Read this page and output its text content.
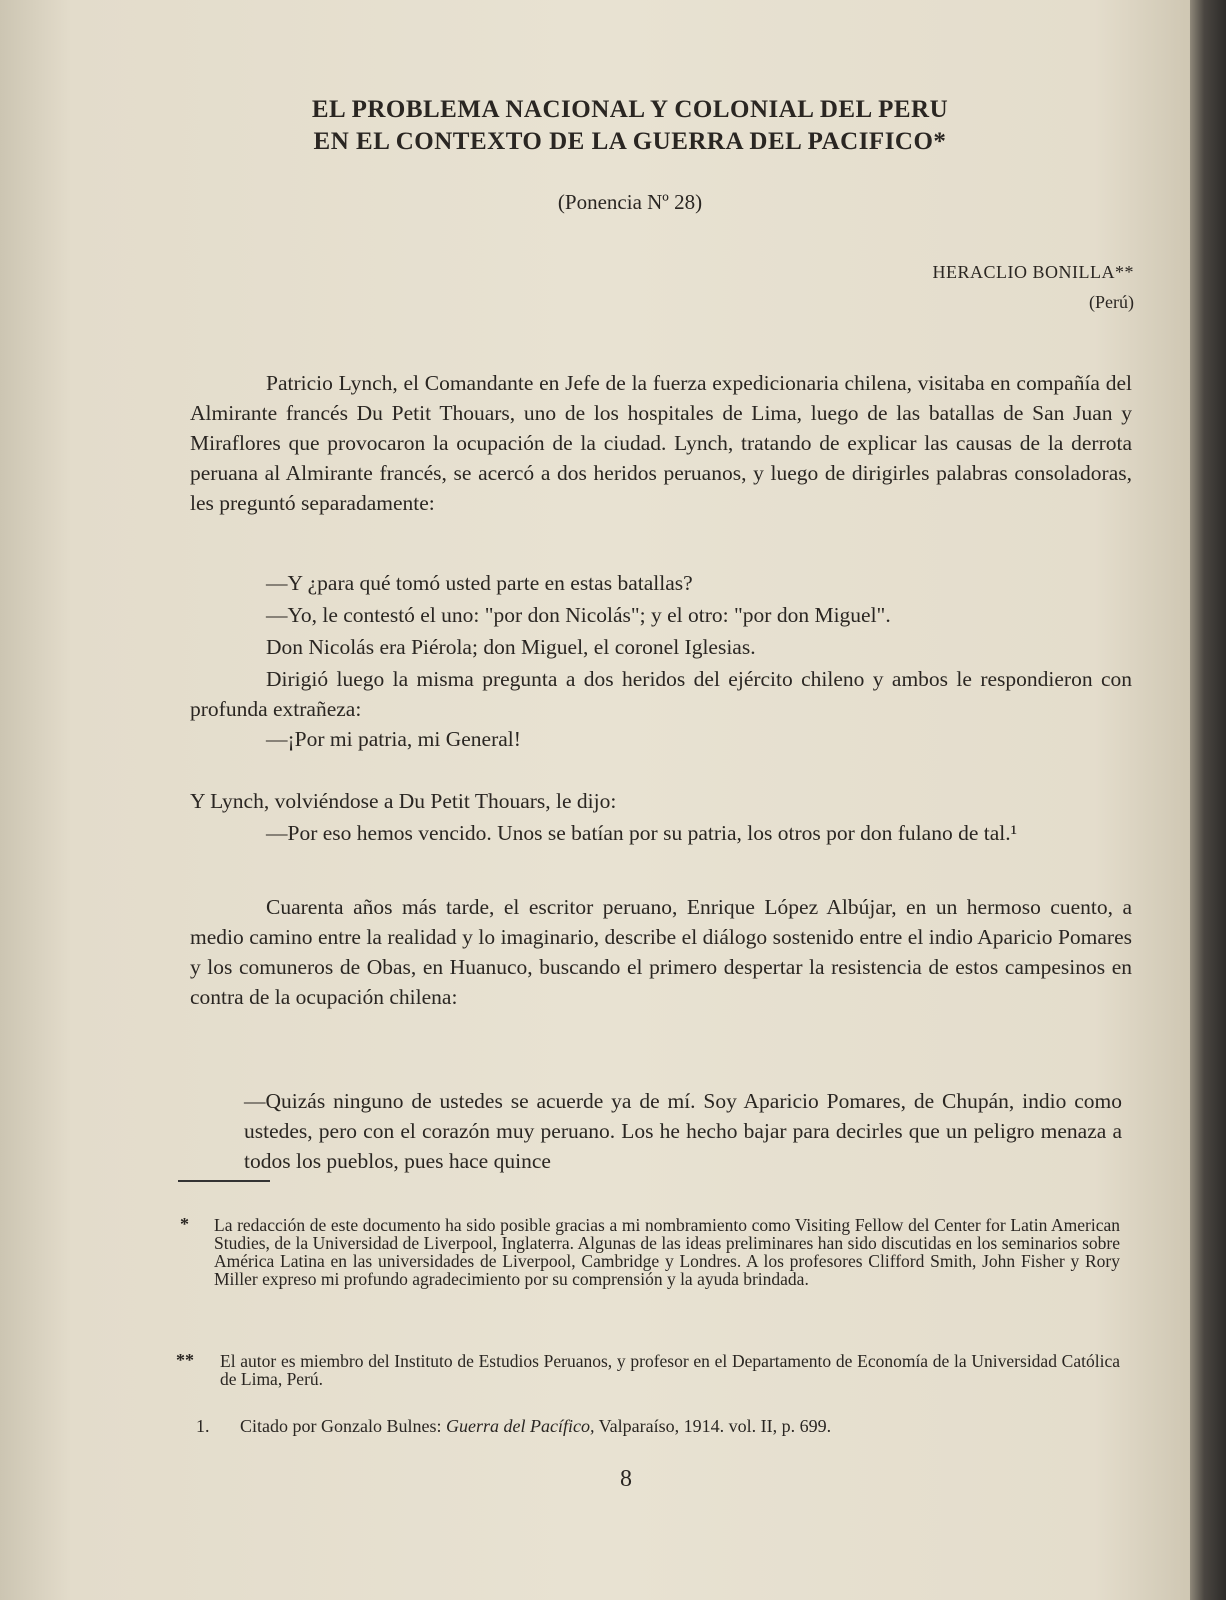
EL PROBLEMA NACIONAL Y COLONIAL DEL PERU
EN EL CONTEXTO DE LA GUERRA DEL PACIFICO*
(Ponencia Nº 28)
HERACLIO BONILLA**
(Perú)

Patricio Lynch, el Comandante en Jefe de la fuerza expedicionaria chilena, visitaba en compañía del Almirante francés Du Petit Thouars, uno de los hospitales de Lima, luego de las batallas de San Juan y Miraflores que provocaron la ocupación de la ciudad. Lynch, tratando de explicar las causas de la derrota peruana al Almirante francés, se acercó a dos heridos peruanos, y luego de dirigirles palabras consoladoras, les preguntó separadamente:

—Y ¿para qué tomó usted parte en estas batallas?

—Yo, le contestó el uno: "por don Nicolás"; y el otro: "por don Miguel".

Don Nicolás era Piérola; don Miguel, el coronel Iglesias.

Dirigió luego la misma pregunta a dos heridos del ejército chileno y ambos le respondieron con profunda extrañeza:

—¡Por mi patria, mi General!

Y Lynch, volviéndose a Du Petit Thouars, le dijo:

—Por eso hemos vencido. Unos se batían por su patria, los otros por don fulano de tal.¹

Cuarenta años más tarde, el escritor peruano, Enrique López Albújar, en un hermoso cuento, a medio camino entre la realidad y lo imaginario, describe el diálogo sostenido entre el indio Aparicio Pomares y los comuneros de Obas, en Huanuco, buscando el primero despertar la resistencia de estos campesinos en contra de la ocupación chilena:

—Quizás ninguno de ustedes se acuerde ya de mí. Soy Aparicio Pomares, de Chupán, indio como ustedes, pero con el corazón muy peruano. Los he hecho bajar para decirles que un peligro menaza a todos los pueblos, pues hace quince

* La redacción de este documento ha sido posible gracias a mi nombramiento como Visiting Fellow del Center for Latin American Studies, de la Universidad de Liverpool, Inglaterra. Algunas de las ideas preliminares han sido discutidas en los seminarios sobre América Latina en las universidades de Liverpool, Cambridge y Londres. A los profesores Clifford Smith, John Fisher y Rory Miller expreso mi profundo agradecimiento por su comprensión y la ayuda brindada.

** El autor es miembro del Instituto de Estudios Peruanos, y profesor en el Departamento de Economía de la Universidad Católica de Lima, Perú.

1. Citado por Gonzalo Bulnes: Guerra del Pacífico, Valparaíso, 1914. vol. II, p. 699.
8
